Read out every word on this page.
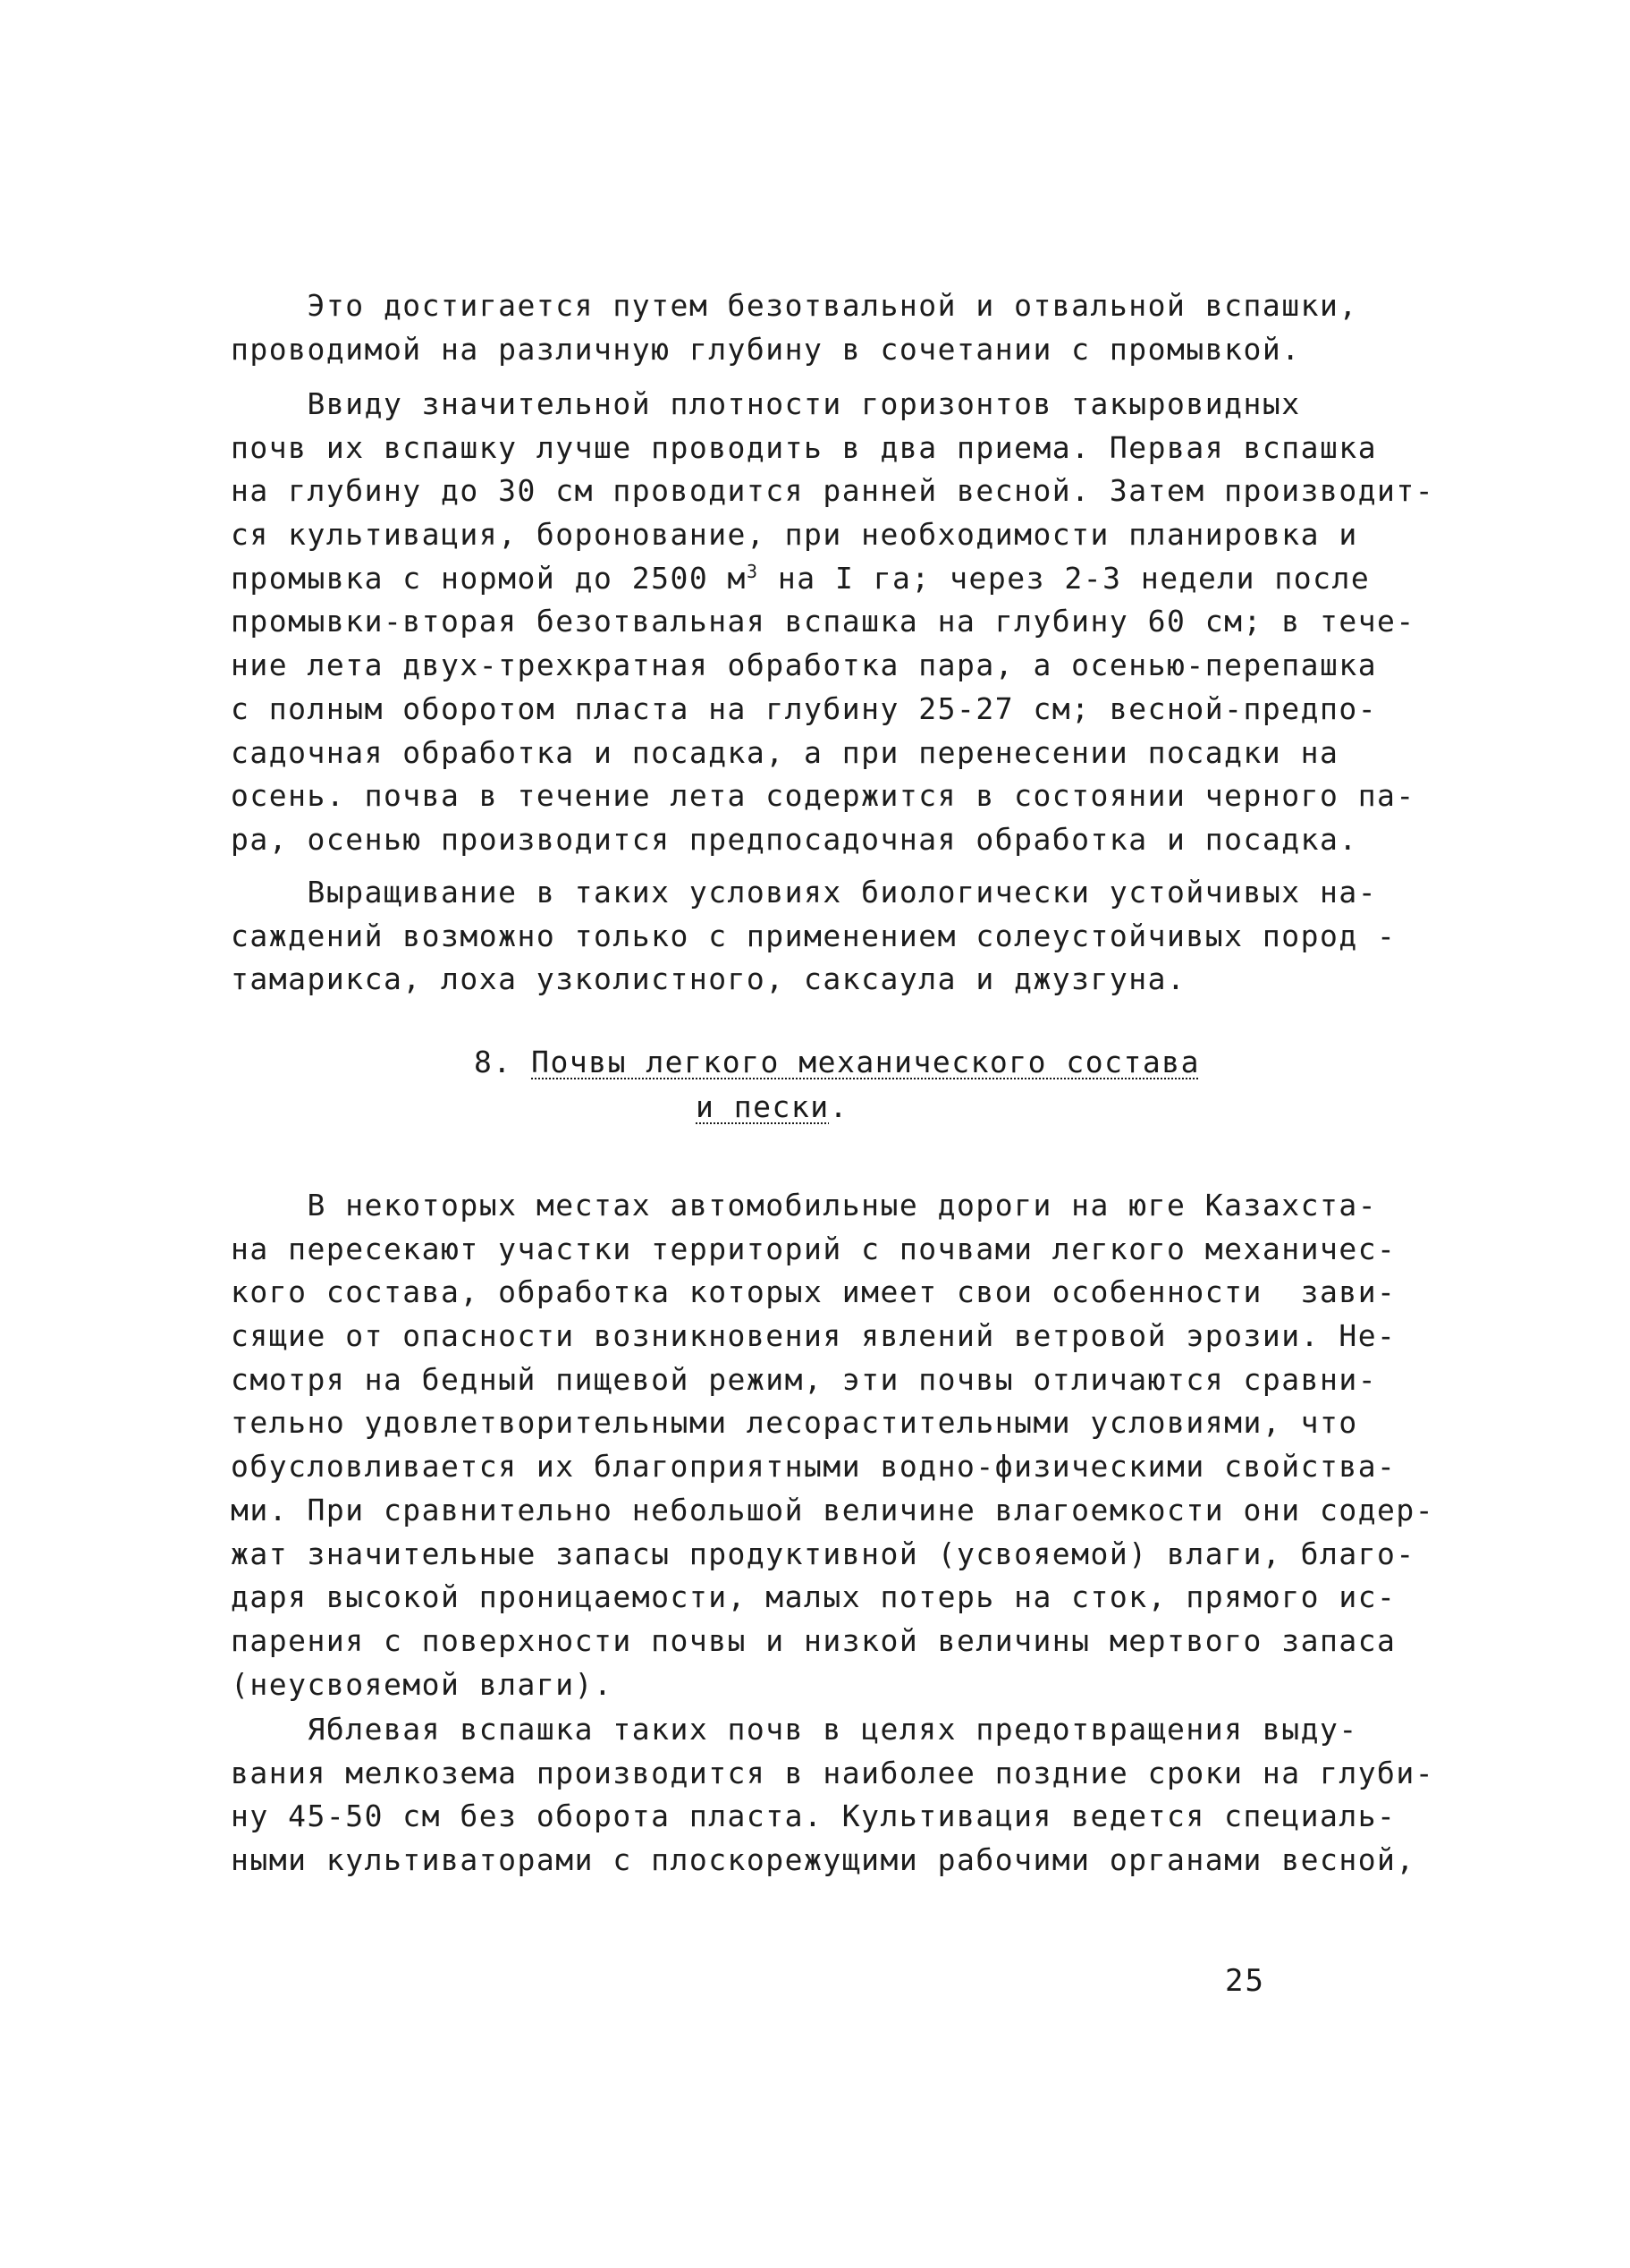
Это достигается путем безотвальной и отвальной вспашки,
проводимой на различную глубину в сочетании с промывкой.
Ввиду значительной плотности горизонтов такыровидных
почв их вспашку лучше проводить в два приема. Первая вспашка
на глубину до 30 см проводится ранней весной. Затем производит-
ся культивация, боронование, при необходимости планировка и
промывка с нормой до 2500 $м^3$ на I га; через 2-3 недели после
промывки-вторая безотвальная вспашка на глубину 60 см; в тече-
ние лета двух-трехкратная обработка пара, а осенью-перепашка
с полным оборотом пласта на глубину 25-27 см; весной-предпо-
садочная обработка и посадка, а при перенесении посадки на
осень. почва в течение лета содержится в состоянии черного па-
ра, осенью производится предпосадочная обработка и посадка.
Выращивание в таких условиях биологически устойчивых на-
саждений возможно только с применением солеустойчивых пород -
тамарикса, лоха узколистного, саксаула и джузгуна.
8. Почвы легкого механического состава
и пески.
В некоторых местах автомобильные дороги на юге Казахста-
на пересекают участки территорий с почвами легкого механичес-
кого состава, обработка которых имеет свои особенности  зави-
сящие от опасности возникновения явлений ветровой эрозии. Не-
смотря на бедный пищевой режим, эти почвы отличаются сравни-
тельно удовлетворительными лесорастительными условиями, что
обусловливается их благоприятными водно-физическими свойства-
ми. При сравнительно небольшой величине влагоемкости они содер-
жат значительные запасы продуктивной (усвояемой) влаги, благо-
даря высокой проницаемости, малых потерь на сток, прямого ис-
парения с поверхности почвы и низкой величины мертвого запаса
(неусвояемой влаги).
Яблевая вспашка таких почв в целях предотвращения выду-
вания мелкозема производится в наиболее поздние сроки на глуби-
ну 45-50 см без оборота пласта. Культивация ведется специаль-
ными культиваторами с плоскорежущими рабочими органами весной,
25
